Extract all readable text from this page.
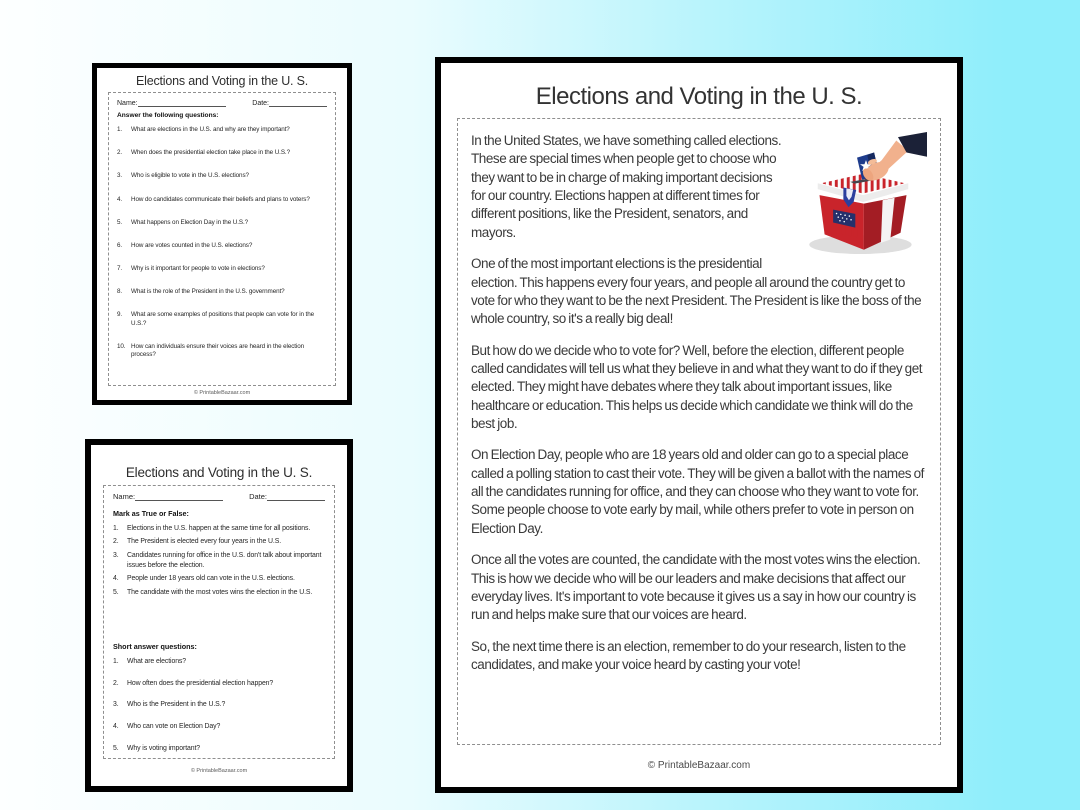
Elections and Voting in the U. S.
Name:	Date:
Answer the following questions:
1.	What are elections in the U.S. and why are they important?
2.	When does the presidential election take place in the U.S.?
3.	Who is eligible to vote in the U.S. elections?
4.	How do candidates communicate their beliefs and plans to voters?
5.	What happens on Election Day in the U.S.?
6.	How are votes counted in the U.S. elections?
7.	Why is it important for people to vote in elections?
8.	What is the role of the President in the U.S. government?
9.	What are some examples of positions that people can vote for in the U.S.?
10. How can individuals ensure their voices are heard in the election process?
© PrintableBazaar.com
Elections and Voting in the U. S.
Name:	Date:
Mark as True or False:
1.	Elections in the U.S. happen at the same time for all positions.
2.	The President is elected every four years in the U.S.
3.	Candidates running for office in the U.S. don't talk about important issues before the election.
4.	People under 18 years old can vote in the U.S. elections.
5.	The candidate with the most votes wins the election in the U.S.
Short answer questions:
1.	What are elections?
2.	How often does the presidential election happen?
3.	Who is the President in the U.S.?
4.	Who can vote on Election Day?
5.	Why is voting important?
© PrintableBazaar.com
Elections and Voting in the U. S.

In the United States, we have something called elections. These are special times when people get to choose who they want to be in charge of making important decisions for our country. Elections happen at different times for different positions, like the President, senators, and mayors.

One of the most important elections is the presidential election. This happens every four years, and people all around the country get to vote for who they want to be the next President. The President is like the boss of the whole country, so it's a really big deal!

But how do we decide who to vote for? Well, before the election, different people called candidates will tell us what they believe in and what they want to do if they get elected. They might have debates where they talk about important issues, like healthcare or education. This helps us decide which candidate we think will do the best job.

On Election Day, people who are 18 years old and older can go to a special place called a polling station to cast their vote. They will be given a ballot with the names of all the candidates running for office, and they can choose who they want to vote for. Some people choose to vote early by mail, while others prefer to vote in person on Election Day.

Once all the votes are counted, the candidate with the most votes wins the election. This is how we decide who will be our leaders and make decisions that affect our everyday lives. It's important to vote because it gives us a say in how our country is run and helps make sure that our voices are heard.

So, the next time there is an election, remember to do your research, listen to the candidates, and make your voice heard by casting your vote!

© PrintableBazaar.com
